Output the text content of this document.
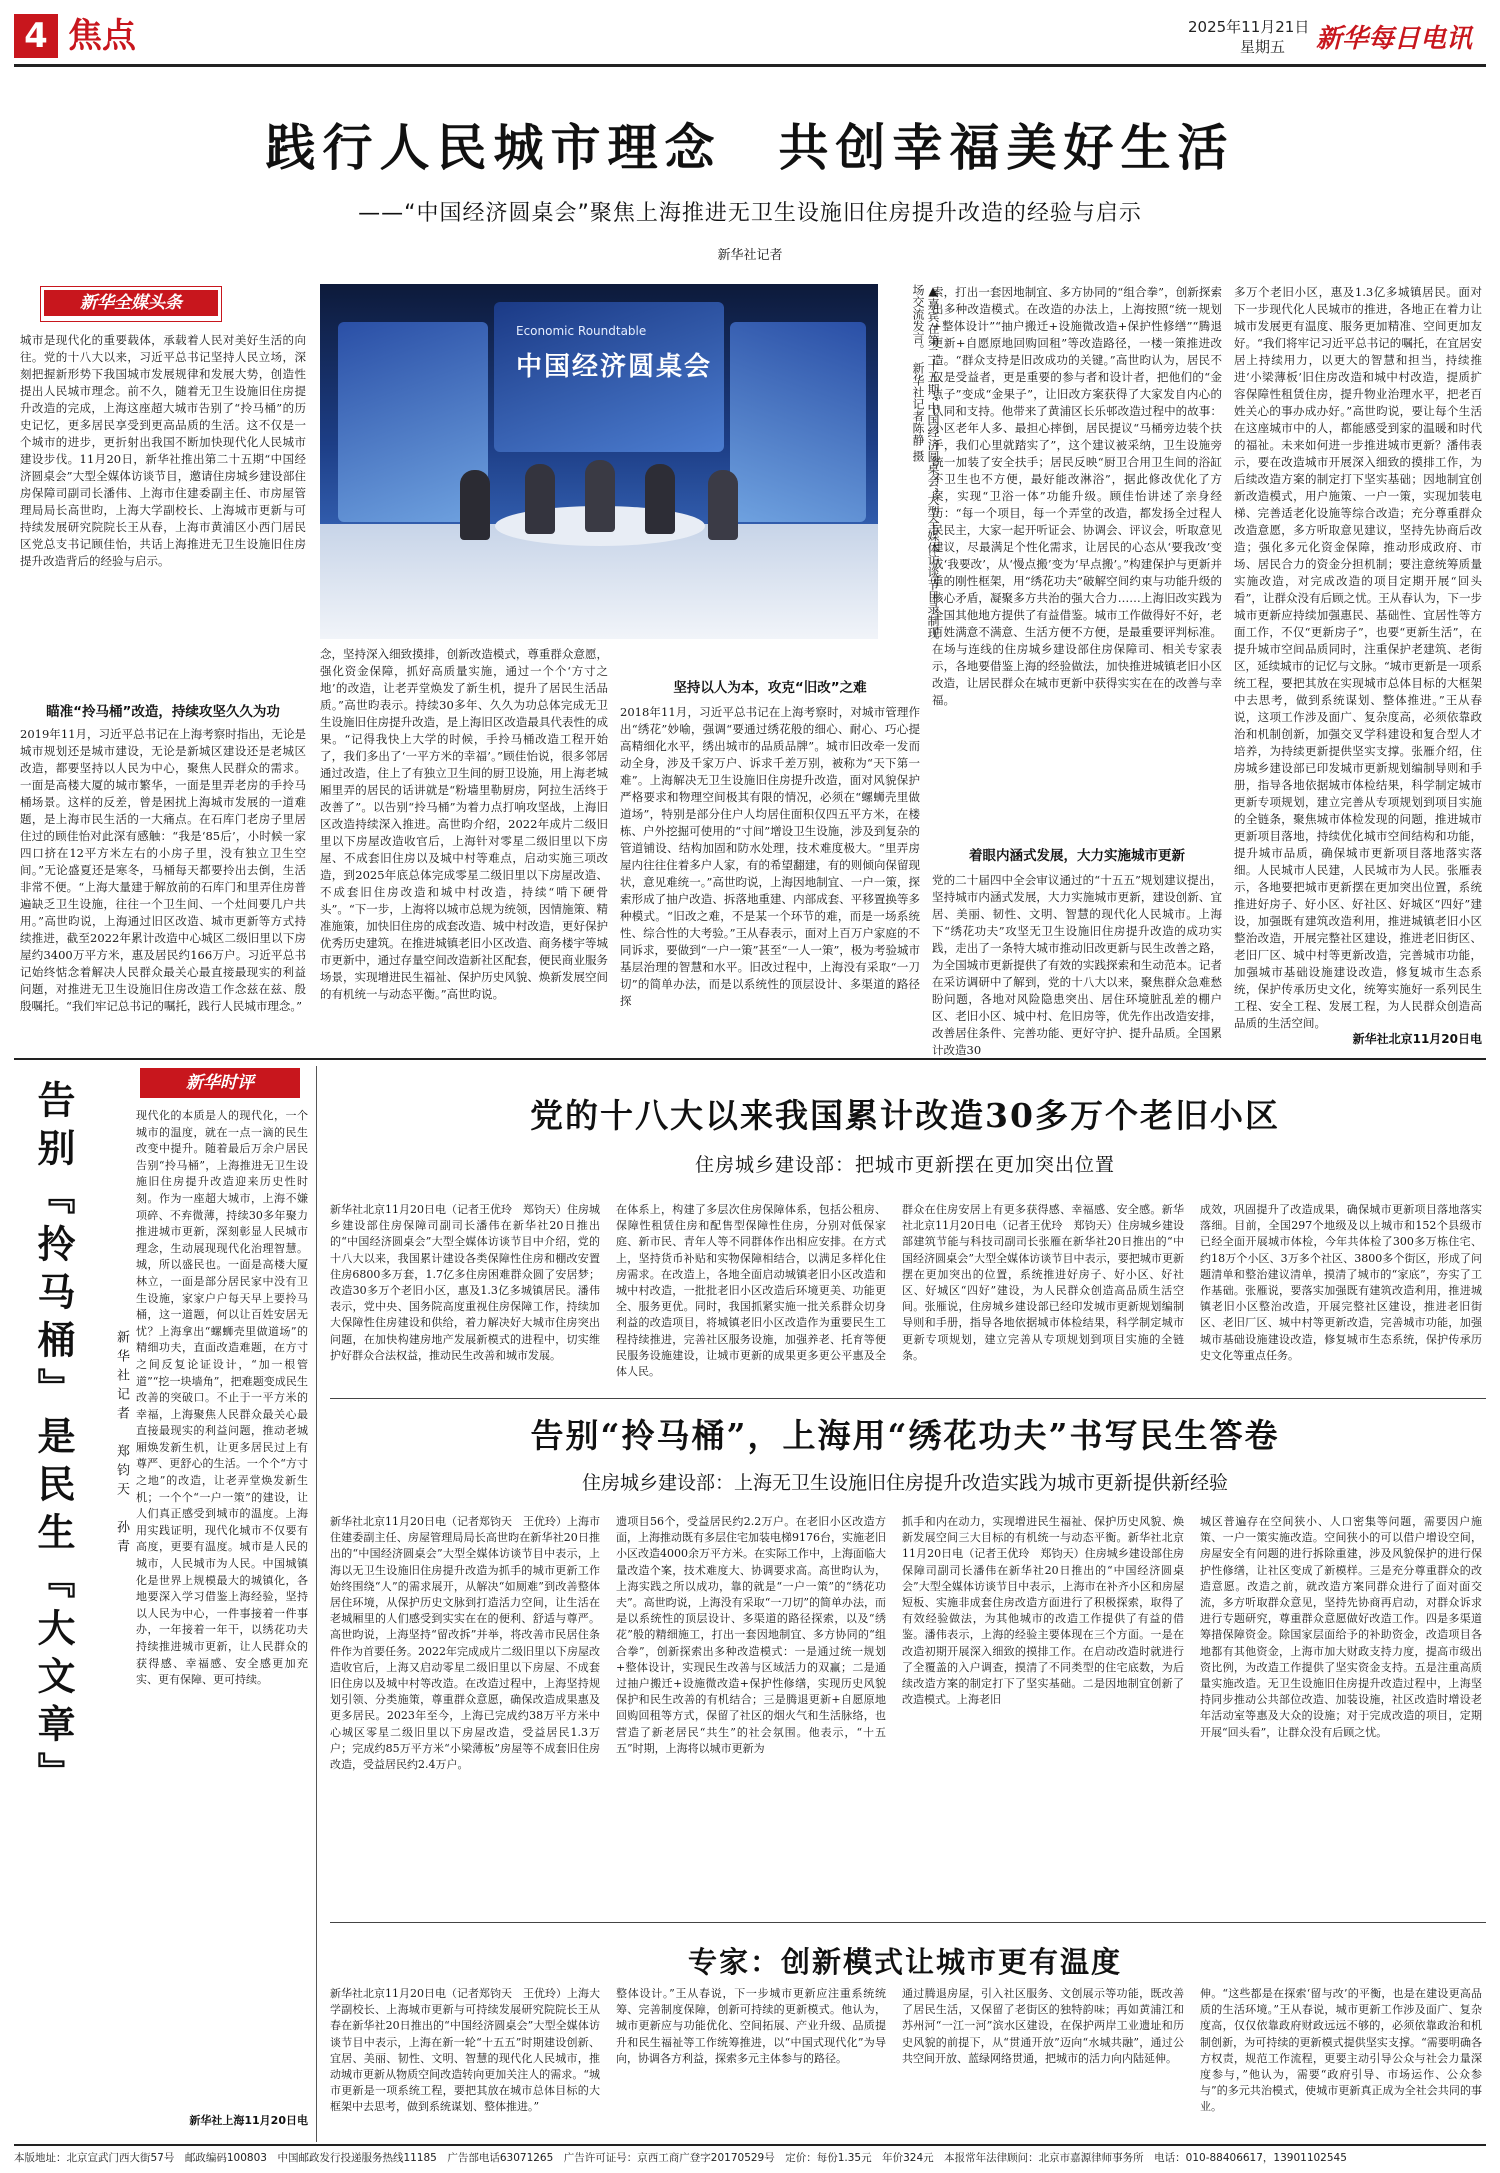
4 焦点	2025年11月21日
星期五 新华每日电讯
践行人民城市理念　共创幸福美好生活
——“中国经济圆桌会”聚焦上海推进无卫生设施旧住房提升改造的经验与启示
新华社记者
新华全媒头条
城市是现代化的重要载体，承载着人民对美好生活的向往。党的十八大以来，习近平总书记坚持人民立场，深刻把握新形势下我国城市发展规律和发展大势，创造性提出人民城市理念。前不久，随着无卫生设施旧住房提升改造的完成，上海这座超大城市告别了“拎马桶”的历史记忆，更多居民享受到更高品质的生活。这不仅是一个城市的进步，更折射出我国不断加快现代化人民城市建设步伐。11月20日，新华社推出第二十五期“中国经济圆桌会”大型全媒体访谈节目，邀请住房城乡建设部住房保障司副司长潘伟、上海市住建委副主任、市房屋管理局局长高世昀，上海大学副校长、上海城市更新与可持续发展研究院院长王从春，上海市黄浦区小西门居民区党总支书记顾佳怡，共话上海推进无卫生设施旧住房提升改造背后的经验与启示。
瞄准“拎马桶”改造，持续攻坚久久为功
2019年11月，习近平总书记在上海考察时指出，无论是城市规划还是城市建设，无论是新城区建设还是老城区改造，都要坚持以人民为中心，聚焦人民群众的需求。一面是高楼大厦的城市繁华，一面是里弄老房的手拎马桶场景。这样的反差，曾是困扰上海城市发展的一道难题，是上海市民生活的一大痛点。在石库门老房子里居住过的顾佳怡对此深有感触：“我是‘85后’，小时候一家四口挤在12平方米左右的小房子里，没有独立卫生空间。”无论盛夏还是寒冬，马桶每天都要拎出去倒，生活非常不便。“上海大量建于解放前的石库门和里弄住房普遍缺乏卫生设施，往往一个卫生间、一个灶间要几户共用。”高世昀说，上海通过旧区改造、城市更新等方式持续推进，截至2022年累计改造中心城区二级旧里以下房屋约3400万平方米，惠及居民约166万户。习近平总书记始终惦念着解决人民群众最关心最直接最现实的利益问题，对推进无卫生设施旧住房改造工作念兹在兹、殷殷嘱托。“我们牢记总书记的嘱托，践行人民城市理念。”
Economic Roundtable
中国经济圆桌会	▲嘉宾在第二十五期“中国经济圆桌会”大型全媒体访谈节目录制现场交流发言。　新华社记者陈静 摄
念，坚持深入细致摸排，创新改造模式，尊重群众意愿，强化资金保障，抓好高质量实施，通过一个个‘方寸之地’的改造，让老弄堂焕发了新生机，提升了居民生活品质。”高世昀表示。持续30多年、久久为功总体完成无卫生设施旧住房提升改造，是上海旧区改造最具代表性的成果。“记得我快上大学的时候，手拎马桶改造工程开始了，我们多出了‘一平方米的幸福’。”顾佳怡说，很多邻居通过改造，住上了有独立卫生间的厨卫设施，用上海老城厢里弄的居民的话讲就是“粉墙里勒厨房，阿拉生活终于改善了”。以告别“拎马桶”为着力点打响攻坚战，上海旧区改造持续深入推进。高世昀介绍，2022年成片二级旧里以下房屋改造收官后，上海针对零星二级旧里以下房屋、不成套旧住房以及城中村等难点，启动实施三项改造，到2025年底总体完成零星二级旧里以下房屋改造、不成套旧住房改造和城中村改造，持续“啃下硬骨头”。“下一步，上海将以城市总规为统领，因情施策、精准施策，加快旧住房的成套改造、城中村改造，更好保护优秀历史建筑。在推进城镇老旧小区改造、商务楼宇等城市更新中，通过存量空间改造新社区配套，便民商业服务场景，实现增进民生福祉、保护历史风貌、焕新发展空间的有机统一与动态平衡。”高世昀说。
坚持以人为本，攻克“旧改”之难
2018年11月，习近平总书记在上海考察时，对城市管理作出“绣花”妙喻，强调“要通过绣花般的细心、耐心、巧心提高精细化水平，绣出城市的品质品牌”。城市旧改牵一发而动全身，涉及千家万户、诉求千差万别，被称为“天下第一难”。上海解决无卫生设施旧住房提升改造，面对风貌保护严格要求和物理空间极其有限的情况，必须在“螺蛳壳里做道场”，特别是部分住户人均居住面积仅四五平方米，在楼栋、户外挖掘可使用的“寸间”增设卫生设施，涉及到复杂的管道铺设、结构加固和防水处理，技术难度极大。“里弄房屋内往往住着多户人家，有的希望翻建，有的则倾向保留现状，意见难统一。”高世昀说，上海因地制宜、一户一策，探索形成了抽户改造、拆落地重建、内部成套、平移置换等多种模式。“旧改之难，不是某一个环节的难，而是一场系统性、综合性的大考验。”王从春表示，面对上百万户家庭的不同诉求，要做到“一户一策”甚至“一人一策”，极为考验城市基层治理的智慧和水平。旧改过程中，上海没有采取“一刀切”的简单办法，而是以系统性的顶层设计、多渠道的路径探
索，打出一套因地制宜、多方协同的“组合拳”，创新探索出多种改造模式。在改造的办法上，上海按照“统一规划+整体设计”“抽户搬迁+设施微改造+保护性修缮”“腾退更新+自愿原地回购回租”等改造路径，一楼一策推进改造。“群众支持是旧改成功的关键。”高世昀认为，居民不仅是受益者，更是重要的参与者和设计者，把他们的“金点子”变成“金果子”，让旧改方案获得了大家发自内心的认同和支持。他带来了黄浦区长乐邨改造过程中的故事：小区老年人多、最担心摔倒，居民提议“马桶旁边装个扶手，我们心里就踏实了”，这个建议被采纳，卫生设施旁统一加装了安全扶手；居民反映“厨卫合用卫生间的浴缸不卫生也不方便，最好能改淋浴”，据此修改优化了方案，实现“卫浴一体”功能升级。顾佳怡讲述了亲身经历：“每一个项目，每一个弄堂的改造，都发扬全过程人民民主，大家一起开听证会、协调会、评议会，听取意见建议，尽最满足个性化需求，让居民的心态从‘要我改’变成‘我要改’，从‘慢点搬’变为‘早点搬’。”构建保护与更新并重的刚性框架，用“绣花功夫”破解空间约束与功能升级的核心矛盾，凝聚多方共治的强大合力……上海旧改实践为全国其他地方提供了有益借鉴。城市工作做得好不好，老百姓满意不满意、生活方便不方便，是最重要评判标准。在场与连线的住房城乡建设部住房保障司、相关专家表示，各地要借鉴上海的经验做法，加快推进城镇老旧小区改造，让居民群众在城市更新中获得实实在在的改善与幸福。
着眼内涵式发展，大力实施城市更新
党的二十届四中全会审议通过的“十五五”规划建议提出，坚持城市内涵式发展，大力实施城市更新，建设创新、宜居、美丽、韧性、文明、智慧的现代化人民城市。上海下“绣花功夫”攻坚无卫生设施旧住房提升改造的成功实践，走出了一条特大城市推动旧改更新与民生改善之路，为全国城市更新提供了有效的实践探索和生动范本。记者在采访调研中了解到，党的十八大以来，聚焦群众急难愁盼问题，各地对风险隐患突出、居住环境脏乱差的棚户区、老旧小区、城中村、危旧房等，优先作出改造安排，改善居住条件、完善功能、更好守护、提升品质。全国累计改造30
多万个老旧小区，惠及1.3亿多城镇居民。面对下一步现代化人民城市的推进，各地正在着力让城市发展更有温度、服务更加精准、空间更加友好。“我们将牢记习近平总书记的嘱托，在宜居安居上持续用力，以更大的智慧和担当，持续推进‘小梁薄板’旧住房改造和城中村改造，提质扩容保障性租赁住房，提升物业治理水平，把老百姓关心的事办成办好。”高世昀说，要让每个生活在这座城市中的人，都能感受到家的温暖和时代的福祉。未来如何进一步推进城市更新？潘伟表示，要在改造城市开展深入细致的摸排工作，为后续改造方案的制定打下坚实基础；因地制宜创新改造模式，用户施策、一户一策，实现加装电梯、完善适老化设施等综合改造；充分尊重群众改造意愿，多方听取意见建议，坚持先协商后改造；强化多元化资金保障，推动形成政府、市场、居民合力的资金分担机制；要注意统筹质量实施改造，对完成改造的项目定期开展“回头看”，让群众没有后顾之忧。王从春认为，下一步城市更新应持续加强惠民、基础性、宜居性等方面工作，不仅“更新房子”，也要“更新生活”，在提升城市空间品质同时，注重保护老建筑、老街区，延续城市的记忆与文脉。“城市更新是一项系统工程，要把其放在实现城市总体目标的大框架中去思考，做到系统谋划、整体推进。”王从春说，这项工作涉及面广、复杂度高，必须依靠政治和机制创新，加强交叉学科建设和复合型人才培养，为持续更新提供坚实支撑。张雁介绍，住房城乡建设部已印发城市更新规划编制导则和手册，指导各地依据城市体检结果，科学制定城市更新专项规划，建立完善从专项规划到项目实施的全链条，聚焦城市体检发现的问题，推进城市更新项目落地，持续优化城市空间结构和功能，提升城市品质，确保城市更新项目落地落实落细。人民城市人民建，人民城市为人民。张雁表示，各地要把城市更新摆在更加突出位置，系统推进好房子、好小区、好社区、好城区“四好”建设，加强既有建筑改造利用，推进城镇老旧小区整治改造，开展完整社区建设，推进老旧街区、老旧厂区、城中村等更新改造，完善城市功能，加强城市基础设施建设改造，修复城市生态系统，保护传承历史文化，统筹实施好一系列民生工程、安全工程、发展工程，为人民群众创造高品质的生活空间。
新华社北京11月20日电
新华时评
告别『拎马桶』是民生『大文章』	新华社记者　郑钧天　孙青
现代化的本质是人的现代化，一个城市的温度，就在一点一滴的民生改变中提升。随着最后万余户居民告别“拎马桶”，上海推进无卫生设施旧住房提升改造迎来历史性时刻。作为一座超大城市，上海不嫌项碎、不弃微薄，持续30多年聚力推进城市更新，深刻彰显人民城市理念，生动展现现代化治理智慧。城，所以盛民也。一面是高楼大厦林立，一面是部分居民家中没有卫生设施，家家户户每天早上要拎马桶，这一道题，何以让百姓安居无忧？上海拿出“螺蛳壳里做道场”的精细功夫，直面改造难题，在方寸之间反复论证设计，“加一根管道”“挖一块墙角”，把难题变成民生改善的突破口。不止于一平方米的幸福，上海聚焦人民群众最关心最直接最现实的利益问题，推动老城厢焕发新生机，让更多居民过上有尊严、更舒心的生活。一个个“方寸之地”的改造，让老弄堂焕发新生机；一个个“一户一策”的建设，让人们真正感受到城市的温度。上海用实践证明，现代化城市不仅要有高度，更要有温度。城市是人民的城市，人民城市为人民。中国城镇化是世界上规模最大的城镇化，各地要深入学习借鉴上海经验，坚持以人民为中心，一件事接着一件事办，一年接着一年干，以绣花功夫持续推进城市更新，让人民群众的获得感、幸福感、安全感更加充实、更有保障、更可持续。
新华社上海11月20日电
党的十八大以来我国累计改造30多万个老旧小区
住房城乡建设部：把城市更新摆在更加突出位置
新华社北京11月20日电（记者王优玲　郑钧天）住房城乡建设部住房保障司副司长潘伟在新华社20日推出的“中国经济圆桌会”大型全媒体访谈节目中介绍，党的十八大以来，我国累计建设各类保障性住房和棚改安置住房6800多万套，1.7亿多住房困难群众圆了安居梦；改造30多万个老旧小区，惠及1.3亿多城镇居民。潘伟表示，党中央、国务院高度重视住房保障工作，持续加大保障性住房建设和供给，着力解决好大城市住房突出问题，在加快构建房地产发展新模式的进程中，切实维护好群众合法权益，推动民生改善和城市发展。
在体系上，构建了多层次住房保障体系，包括公租房、保障性租赁住房和配售型保障性住房，分别对低保家庭、新市民、青年人等不同群体作出相应安排。在方式上，坚持货币补贴和实物保障相结合，以满足多样化住房需求。在改造上，各地全面启动城镇老旧小区改造和城中村改造，一批批老旧小区改造后环境更美、功能更全、服务更优。同时，我国抓紧实施一批关系群众切身利益的改造项目，将城镇老旧小区改造作为重要民生工程持续推进，完善社区服务设施，加强养老、托育等便民服务设施建设，让城市更新的成果更多更公平惠及全体人民。
群众在住房安居上有更多获得感、幸福感、安全感。新华社北京11月20日电（记者王优玲　郑钧天）住房城乡建设部建筑节能与科技司副司长张雁在新华社20日推出的“中国经济圆桌会”大型全媒体访谈节目中表示，要把城市更新摆在更加突出的位置，系统推进好房子、好小区、好社区、好城区“四好”建设，为人民群众创造高品质生活空间。张雁说，住房城乡建设部已经印发城市更新规划编制导则和手册，指导各地依据城市体检结果，科学制定城市更新专项规划，建立完善从专项规划到项目实施的全链条。
成效，巩固提升了改造成果，确保城市更新项目落地落实落细。目前，全国297个地级及以上城市和152个县级市已经全面开展城市体检，今年共体检了300多万栋住宅、约18万个小区、3万多个社区、3800多个街区，形成了问题清单和整治建议清单，摸清了城市的“家底”，夯实了工作基础。张雁说，要落实加强既有建筑改造利用，推进城镇老旧小区整治改造，开展完整社区建设，推进老旧街区、老旧厂区、城中村等更新改造，完善城市功能，加强城市基础设施建设改造，修复城市生态系统，保护传承历史文化等重点任务。
告别“拎马桶”，上海用“绣花功夫”书写民生答卷
住房城乡建设部：上海无卫生设施旧住房提升改造实践为城市更新提供新经验
新华社北京11月20日电（记者郑钧天　王优玲）上海市住建委副主任、房屋管理局局长高世昀在新华社20日推出的“中国经济圆桌会”大型全媒体访谈节目中表示，上海以无卫生设施旧住房提升改造为抓手的城市更新工作始终围绕“人”的需求展开，从解决“如厕难”到改善整体居住环境，从保护历史文脉到打造活力空间，让生活在老城厢里的人们感受到实实在在的便利、舒适与尊严。高世昀说，上海坚持“留改拆”并举，将改善市民居住条件作为首要任务。2022年完成成片二级旧里以下房屋改造收官后，上海又启动零星二级旧里以下房屋、不成套旧住房以及城中村等改造。在改造过程中，上海坚持规划引领、分类施策，尊重群众意愿，确保改造成果惠及更多居民。2023年至今，上海已完成约38万平方米中心城区零星二级旧里以下房屋改造，受益居民1.3万户；完成约85万平方米“小梁薄板”房屋等不成套旧住房改造，受益居民约2.4万户。
遗项目56个，受益居民约2.2万户。在老旧小区改造方面，上海推动既有多层住宅加装电梯9176台，实施老旧小区改造4000余万平方米。在实际工作中，上海面临大量改造个案，技术难度大、协调要求高。高世昀认为，上海实践之所以成功，靠的就是“一户一策”的“绣花功夫”。高世昀说，上海没有采取“一刀切”的简单办法，而是以系统性的顶层设计、多渠道的路径探索，以及“绣花”般的精细施工，打出一套因地制宜、多方协同的“组合拳”，创新探索出多种改造模式：一是通过统一规划+整体设计，实现民生改善与区域活力的双赢；二是通过抽户搬迁+设施微改造+保护性修缮，实现历史风貌保护和民生改善的有机结合；三是腾退更新+自愿原地回购回租等方式，保留了社区的烟火气和生活脉络，也营造了新老居民“共生”的社会氛围。他表示，“十五五”时期，上海将以城市更新为
抓手和内在动力，实现增进民生福祉、保护历史风貌、焕新发展空间三大目标的有机统一与动态平衡。新华社北京11月20日电（记者王优玲　郑钧天）住房城乡建设部住房保障司副司长潘伟在新华社20日推出的“中国经济圆桌会”大型全媒体访谈节目中表示，上海市在补齐小区和房屋短板、实施非成套住房改造方面进行了积极探索，取得了有效经验做法，为其他城市的改造工作提供了有益的借鉴。潘伟表示，上海的经验主要体现在三个方面。一是在改造初期开展深入细致的摸排工作。在启动改造时就进行了全覆盖的入户调查，摸清了不同类型的住宅底数，为后续改造方案的制定打下了坚实基础。二是因地制宜创新了改造模式。上海老旧
城区普遍存在空间狭小、人口密集等问题，需要因户施策、一户一策实施改造。空间狭小的可以借户增设空间，房屋安全有问题的进行拆除重建，涉及风貌保护的进行保护性修缮，让社区变成了新模样。三是充分尊重群众的改造意愿。改造之前，就改造方案同群众进行了面对面交流，多方听取群众意见，坚持先协商再启动，对群众诉求进行专题研究，尊重群众意愿做好改造工作。四是多渠道筹措保障资金。除国家层面给予的补助资金，改造项目各地都有其他资金，上海市加大财政支持力度，提高市级出资比例，为改造工作提供了坚实资金支持。五是注重高质量实施改造。无卫生设施旧住房提升改造过程中，上海坚持同步推动公共部位改造、加装设施，社区改造时增设老年活动室等惠及大众的设施；对于完成改造的项目，定期开展“回头看”，让群众没有后顾之忧。
专家：创新模式让城市更有温度
新华社北京11月20日电（记者郑钧天　王优玲）上海大学副校长、上海城市更新与可持续发展研究院院长王从春在新华社20日推出的“中国经济圆桌会”大型全媒体访谈节目中表示，上海在新一轮“十五五”时期建设创新、宜居、美丽、韧性、文明、智慧的现代化人民城市，推动城市更新从物质空间改造转向更加关注人的需求。“城市更新是一项系统工程，要把其放在城市总体目标的大框架中去思考，做到系统谋划、整体推进。”
整体设计。”王从春说，下一步城市更新应注重系统统筹、完善制度保障，创新可持续的更新模式。他认为，城市更新应与功能优化、空间拓展、产业升级、品质提升和民生福祉等工作统筹推进，以“中国式现代化”为导向，协调各方利益，探索多元主体参与的路径。
通过腾退房屋，引入社区服务、文创展示等功能，既改善了居民生活，又保留了老街区的独特韵味；再如黄浦江和苏州河“一江一河”滨水区建设，在保护两岸工业遗址和历史风貌的前提下，从“贯通开放”迈向“水城共融”，通过公共空间开放、蓝绿网络贯通，把城市的活力向内陆延伸。
伸。“这些都是在探索‘留与改’的平衡，也是在建设更高品质的生活环境。”王从春说，城市更新工作涉及面广、复杂度高，仅仅依靠政府财政远远不够的，必须依靠政治和机制创新，为可持续的更新模式提供坚实支撑。“需要明确各方权责，规范工作流程，更要主动引导公众与社会力量深度参与，”他认为，需要“政府引导、市场运作、公众参与”的多元共治模式，使城市更新真正成为全社会共同的事业。
本版地址：北京宣武门西大街57号　邮政编码100803　中国邮政发行投递服务热线11185　广告部电话63071265　广告许可证号：京西工商广登字20170529号　定价：每份1.35元　年价324元　本报常年法律顾问：北京市嘉源律师事务所　电话：010-88406617，13901102545
